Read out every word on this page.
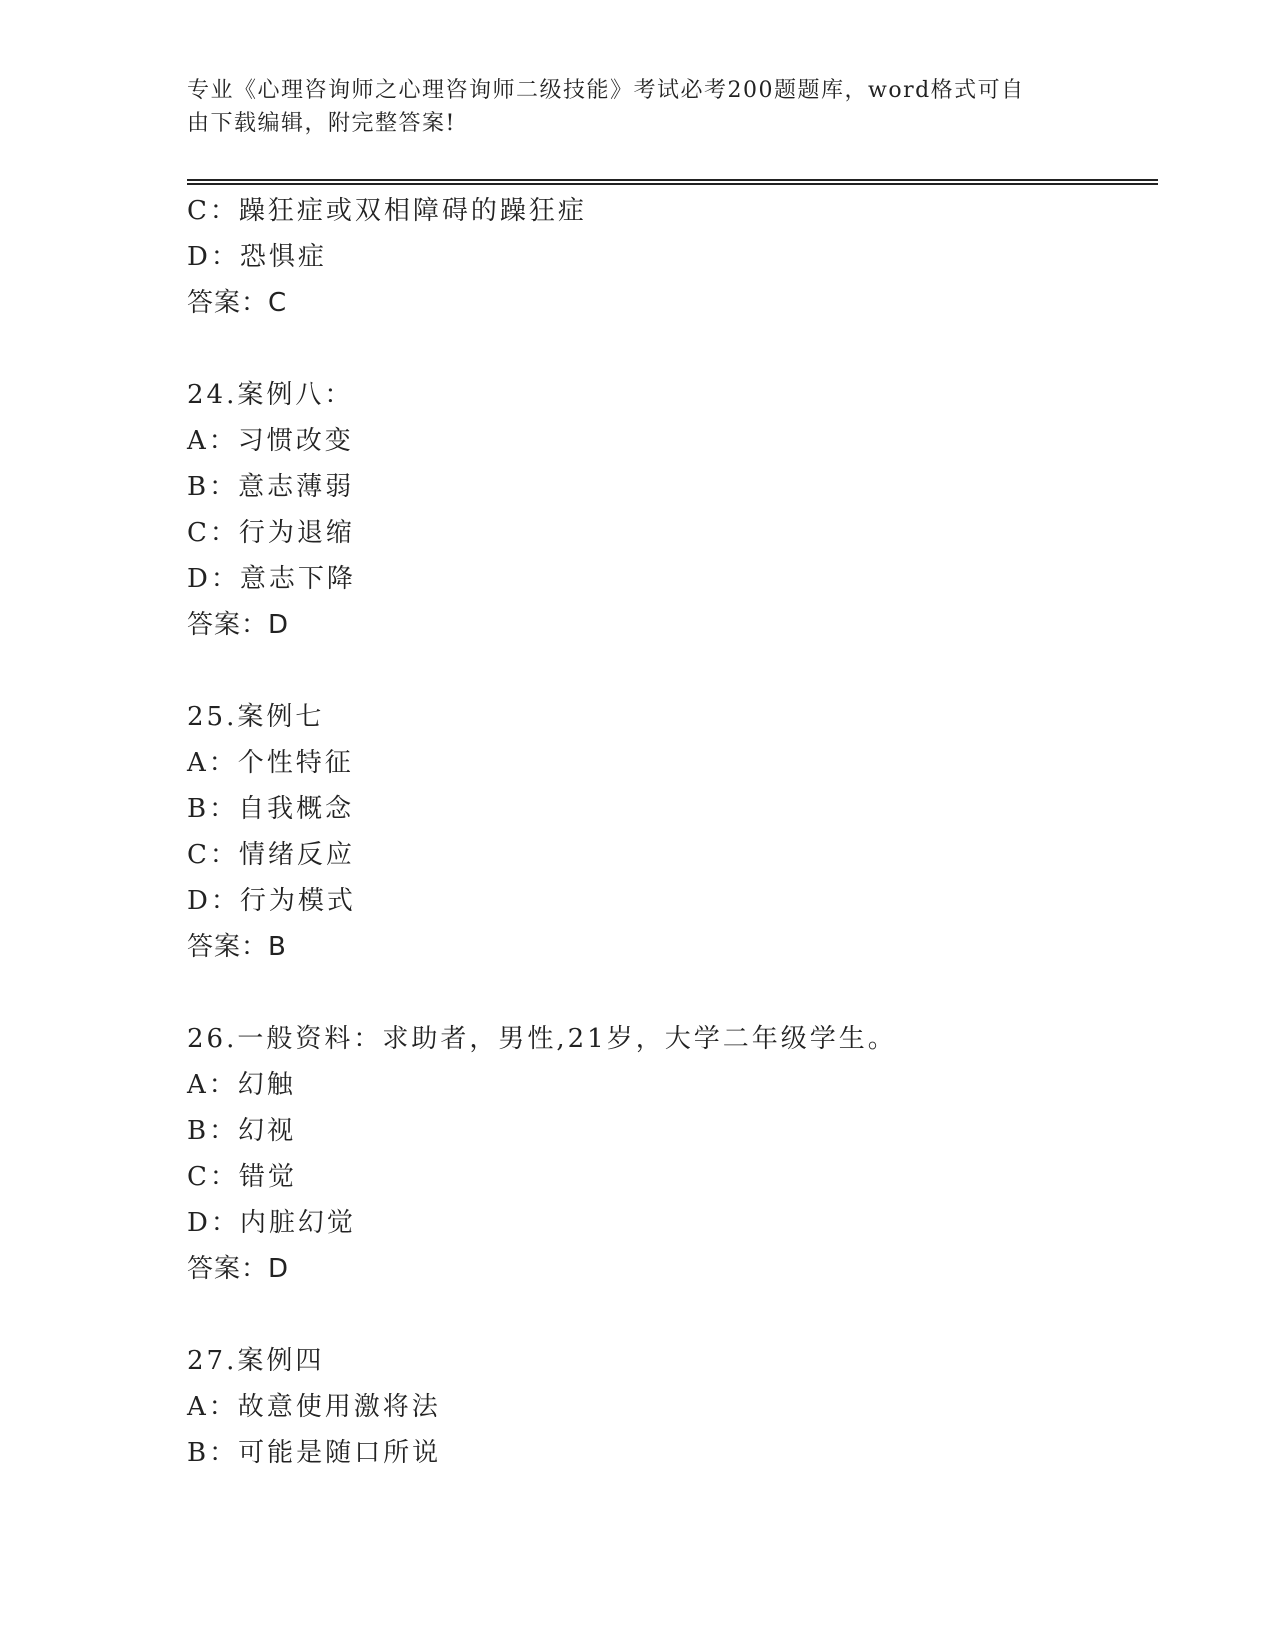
专业《心理咨询师之心理咨询师二级技能》考试必考200题题库，word格式可自
由下载编辑，附完整答案!
C：躁狂症或双相障碍的躁狂症
D：恐惧症
答案：C
24.案例八：
A：习惯改变
B：意志薄弱
C：行为退缩
D：意志下降
答案：D
25.案例七
A：个性特征
B：自我概念
C：情绪反应
D：行为模式
答案：B
26.一般资料：求助者，男性,21岁，大学二年级学生。
A：幻触
B：幻视
C：错觉
D：内脏幻觉
答案：D
27.案例四
A：故意使用激将法
B：可能是随口所说
